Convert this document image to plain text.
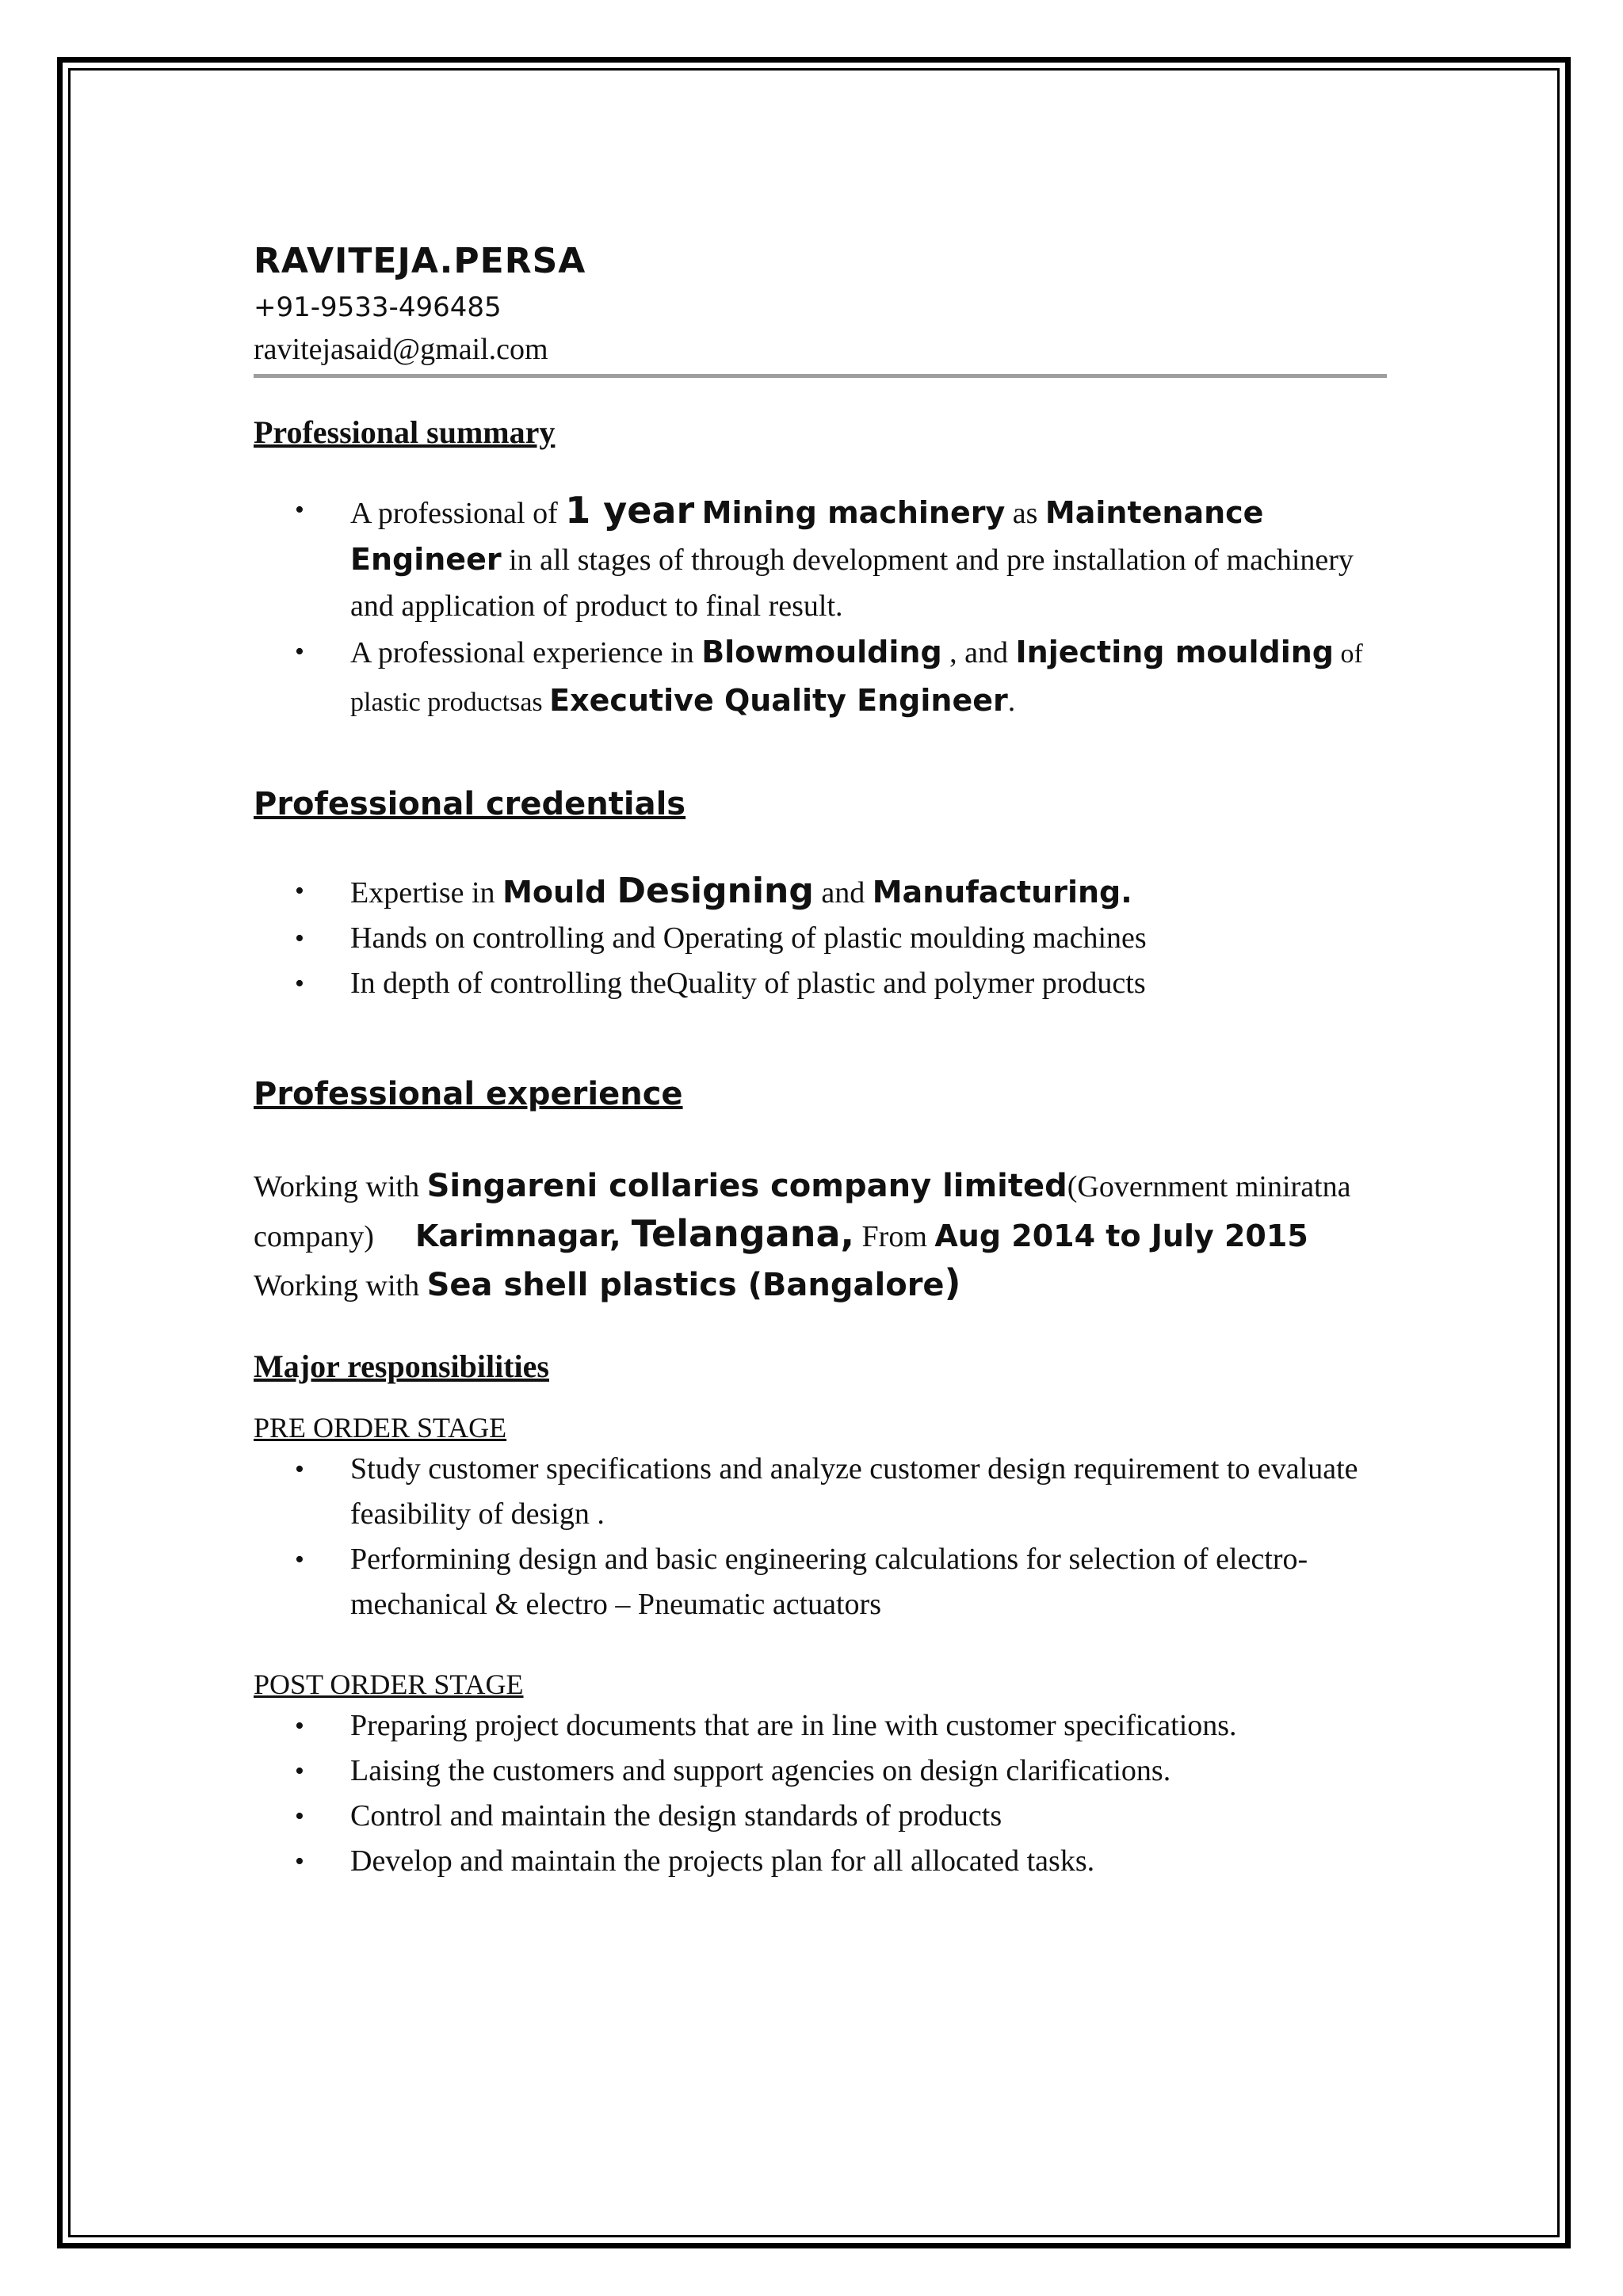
RAVITEJA.PERSA
+91-9533-496485
ravitejasaid@gmail.com
Professional summary
• A professional of 1 year Mining machinery as Maintenance Engineer in all stages of through development and pre installation of machinery and application of product to final result.
• A professional experience in Blowmoulding , and Injecting moulding of plastic productsas Executive Quality Engineer.
Professional credentials
• Expertise in Mould Designing and Manufacturing.
• Hands on controlling and Operating of plastic moulding machines
• In depth of controlling theQuality of plastic and polymer products
Professional experience

Working with Singareni collaries company limited(Government miniratna company) Karimnagar, Telangana, From Aug 2014 to July 2015

Working with Sea shell plastics (Bangalore)

Major responsibilities
PRE ORDER STAGE
• Study customer specifications and analyze customer design requirement to evaluate feasibility of design .
• Performining design and basic engineering calculations for selection of electro-mechanical & electro – Pneumatic actuators
POST ORDER STAGE
• Preparing project documents that are in line with customer specifications.
• Laising the customers and support agencies on design clarifications.
• Control and maintain the design standards of products
• Develop and maintain the projects plan for all allocated tasks.
